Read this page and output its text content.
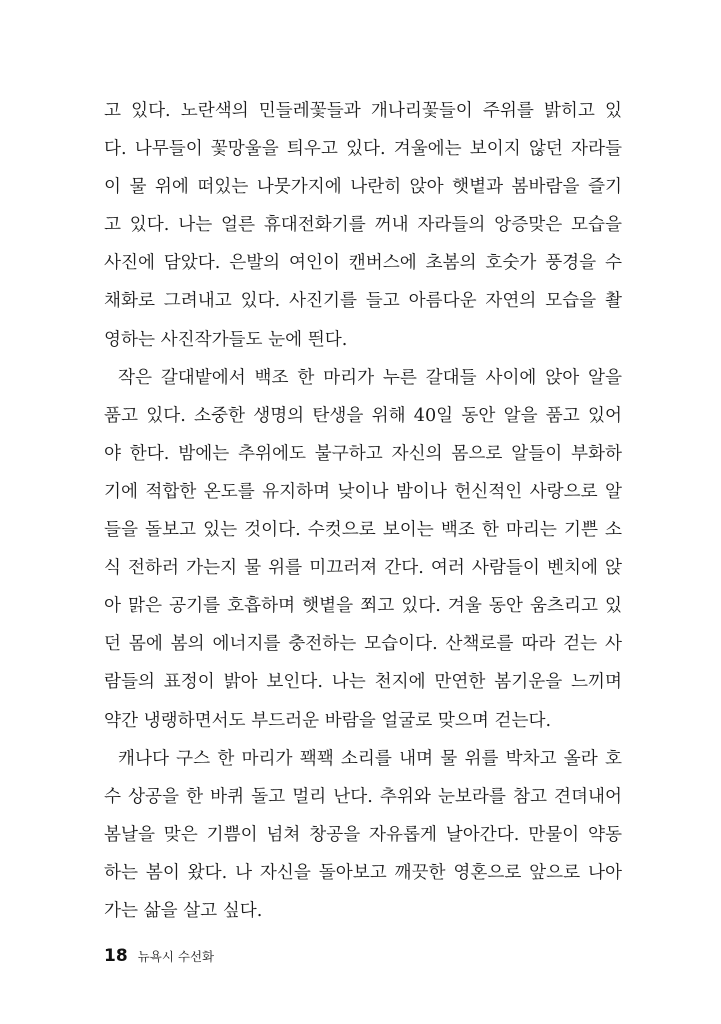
고 있다. 노란색의 민들레꽃들과 개나리꽃들이 주위를 밝히고 있
다. 나무들이 꽃망울을 틔우고 있다. 겨울에는 보이지 않던 자라들
이 물 위에 떠있는 나뭇가지에 나란히 앉아 햇볕과 봄바람을 즐기
고 있다. 나는 얼른 휴대전화기를 꺼내 자라들의 앙증맞은 모습을
사진에 담았다. 은발의 여인이 캔버스에 초봄의 호숫가 풍경을 수
채화로 그려내고 있다. 사진기를 들고 아름다운 자연의 모습을 촬
영하는 사진작가들도 눈에 띈다.
작은 갈대밭에서 백조 한 마리가 누른 갈대들 사이에 앉아 알을
품고 있다. 소중한 생명의 탄생을 위해 40일 동안 알을 품고 있어
야 한다. 밤에는 추위에도 불구하고 자신의 몸으로 알들이 부화하
기에 적합한 온도를 유지하며 낮이나 밤이나 헌신적인 사랑으로 알
들을 돌보고 있는 것이다. 수컷으로 보이는 백조 한 마리는 기쁜 소
식 전하러 가는지 물 위를 미끄러져 간다. 여러 사람들이 벤치에 앉
아 맑은 공기를 호흡하며 햇볕을 쬐고 있다. 겨울 동안 움츠리고 있
던 몸에 봄의 에너지를 충전하는 모습이다. 산책로를 따라 걷는 사
람들의 표정이 밝아 보인다. 나는 천지에 만연한 봄기운을 느끼며
약간 냉랭하면서도 부드러운 바람을 얼굴로 맞으며 걷는다.
캐나다 구스 한 마리가 꽥꽥 소리를 내며 물 위를 박차고 올라 호
수 상공을 한 바퀴 돌고 멀리 난다. 추위와 눈보라를 참고 견뎌내어
봄날을 맞은 기쁨이 넘쳐 창공을 자유롭게 날아간다. 만물이 약동
하는 봄이 왔다. 나 자신을 돌아보고 깨끗한 영혼으로 앞으로 나아
가는 삶을 살고 싶다.
18 뉴욕시 수선화
